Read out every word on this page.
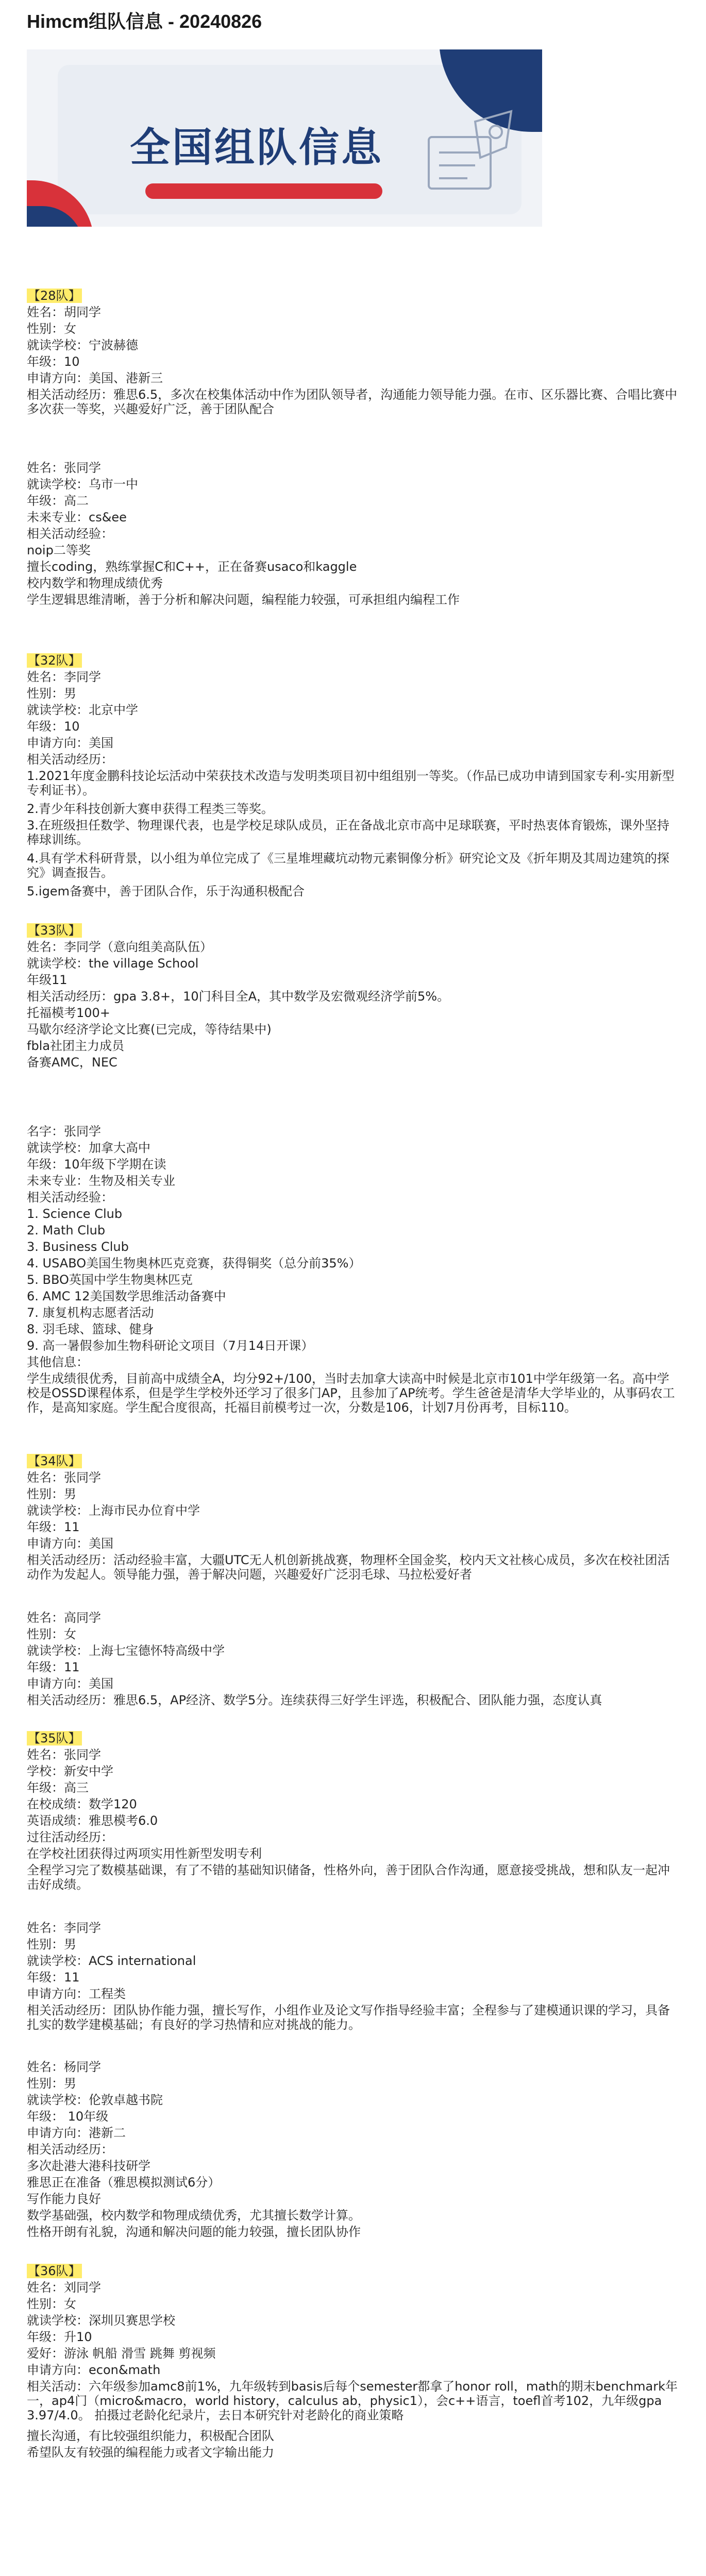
Himcm组队信息 - 20240826
全国组队信息
【28队】
姓名：胡同学
性别：女
就读学校：宁波赫德
年级：10
申请方向：美国、港新三
相关活动经历：雅思6.5，多次在校集体活动中作为团队领导者，沟通能力领导能力强。在市、区乐器比赛、合唱比赛中多次获一等奖，兴趣爱好广泛，善于团队配合
姓名：张同学
就读学校：乌市一中
年级：高二
未来专业：cs&ee
相关活动经验：
noip二等奖
擅长coding，熟练掌握C和C++，正在备赛usaco和kaggle
校内数学和物理成绩优秀
学生逻辑思维清晰，善于分析和解决问题，编程能力较强，可承担组内编程工作
【32队】
姓名：李同学
性别：男
就读学校：北京中学
年级：10
申请方向：美国
相关活动经历：
1.2021年度金鹏科技论坛活动中荣获技术改造与发明类项目初中组组别一等奖。（作品已成功申请到国家专利-实用新型专利证书）。
2.青少年科技创新大赛申获得工程类三等奖。
3.在班级担任数学、物理课代表，也是学校足球队成员，正在备战北京市高中足球联赛，平时热衷体育锻炼，课外坚持棒球训练。
4.具有学术科研背景，以小组为单位完成了《三星堆埋藏坑动物元素铜像分析》研究论文及《折年期及其周边建筑的探究》调查报告。
5.igem备赛中，善于团队合作，乐于沟通积极配合
【33队】
姓名：李同学（意向组美高队伍）
就读学校：the village School
年级11
相关活动经历：gpa 3.8+，10门科目全A，其中数学及宏微观经济学前5%。
托福模考100+
马歇尔经济学论文比赛(已完成，等待结果中)
fbla社团主力成员
备赛AMC，NEC
名字：张同学
就读学校：加拿大高中
年级：10年级下学期在读
未来专业：生物及相关专业
相关活动经验：
1. Science Club
2. Math Club
3. Business Club
4. USABO美国生物奥林匹克竞赛，获得铜奖（总分前35%）
5. BBO英国中学生物奥林匹克
6. AMC 12美国数学思维活动备赛中
7. 康复机构志愿者活动
8. 羽毛球、篮球、健身
9. 高一暑假参加生物科研论文项目（7月14日开课）
其他信息：
学生成绩很优秀，目前高中成绩全A，均分92+/100，当时去加拿大读高中时候是北京市101中学年级第一名。高中学校是OSSD课程体系，但是学生学校外还学习了很多门AP，且参加了AP统考。学生爸爸是清华大学毕业的，从事码农工作，是高知家庭。学生配合度很高，托福目前模考过一次，分数是106，计划7月份再考，目标110。
【34队】
姓名：张同学
性别：男
就读学校：上海市民办位育中学
年级：11
申请方向：美国
相关活动经历：活动经验丰富，大疆UTC无人机创新挑战赛，物理杯全国金奖，校内天文社核心成员，多次在校社团活动作为发起人。领导能力强，善于解决问题，兴趣爱好广泛羽毛球、马拉松爱好者
姓名：高同学
性别：女
就读学校：上海七宝德怀特高级中学
年级：11
申请方向：美国
相关活动经历：雅思6.5，AP经济、数学5分。连续获得三好学生评选，积极配合、团队能力强，态度认真
【35队】
姓名：张同学
学校：新安中学
年级：高三
在校成绩：数学120
英语成绩：雅思模考6.0
过往活动经历：
在学校社团获得过两项实用性新型发明专利
全程学习完了数模基础课，有了不错的基础知识储备，性格外向，善于团队合作沟通，愿意接受挑战，想和队友一起冲击好成绩。
姓名：李同学
性别：男
就读学校：ACS international
年级：11
申请方向：工程类
相关活动经历：团队协作能力强，擅长写作，小组作业及论文写作指导经验丰富；全程参与了建模通识课的学习，具备扎实的数学建模基础；有良好的学习热情和应对挑战的能力。
姓名：杨同学
性别：男
就读学校：伦敦卓越书院
年级： 10年级
申请方向：港新二
相关活动经历：
多次赴港大港科技研学
雅思正在准备（雅思模拟测试6分）
写作能力良好
数学基础强，校内数学和物理成绩优秀，尤其擅长数学计算。
性格开朗有礼貌，沟通和解决问题的能力较强，擅长团队协作
【36队】
姓名：刘同学
性别：女
就读学校：深圳贝赛思学校
年级：升10
爱好：游泳 帆船 滑雪 跳舞 剪视频
申请方向：econ&math
相关活动：六年级参加amc8前1%，九年级转到basis后每个semester都拿了honor roll，math的期末benchmark年一，ap4门（micro&macro，world history，calculus ab，physic1），会c++语言，toefl首考102，九年级gpa 3.97/4.0。 拍摄过老龄化纪录片，去日本研究针对老龄化的商业策略
擅长沟通，有比较强组织能力，积极配合团队
希望队友有较强的编程能力或者文字输出能力
